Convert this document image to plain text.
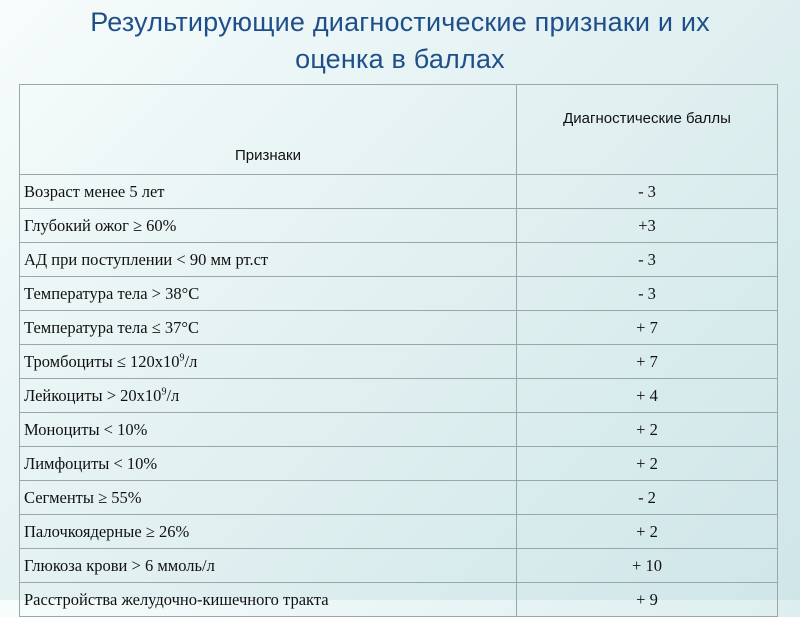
Результирующие диагностические признаки и их
оценка в баллах
Признаки	Диагностические баллы
Возраст менее 5 лет	- 3
Глубокий ожог ≥ 60%	+3
АД при поступлении < 90 мм рт.ст	- 3
Температура тела > 38°С	- 3
Температура тела ≤ 37°С	+ 7
Тромбоциты ≤ $120х10^9/л$	+ 7
Лейкоциты > $20х10^9/л$	+ 4
Моноциты < 10%	+ 2
Лимфоциты < 10%	+ 2
Сегменты ≥ 55%	- 2
Палочкоядерные ≥ 26%	+ 2
Глюкоза крови > 6 ммоль/л	+ 10
Расстройства желудочно-кишечного тракта	+ 9
